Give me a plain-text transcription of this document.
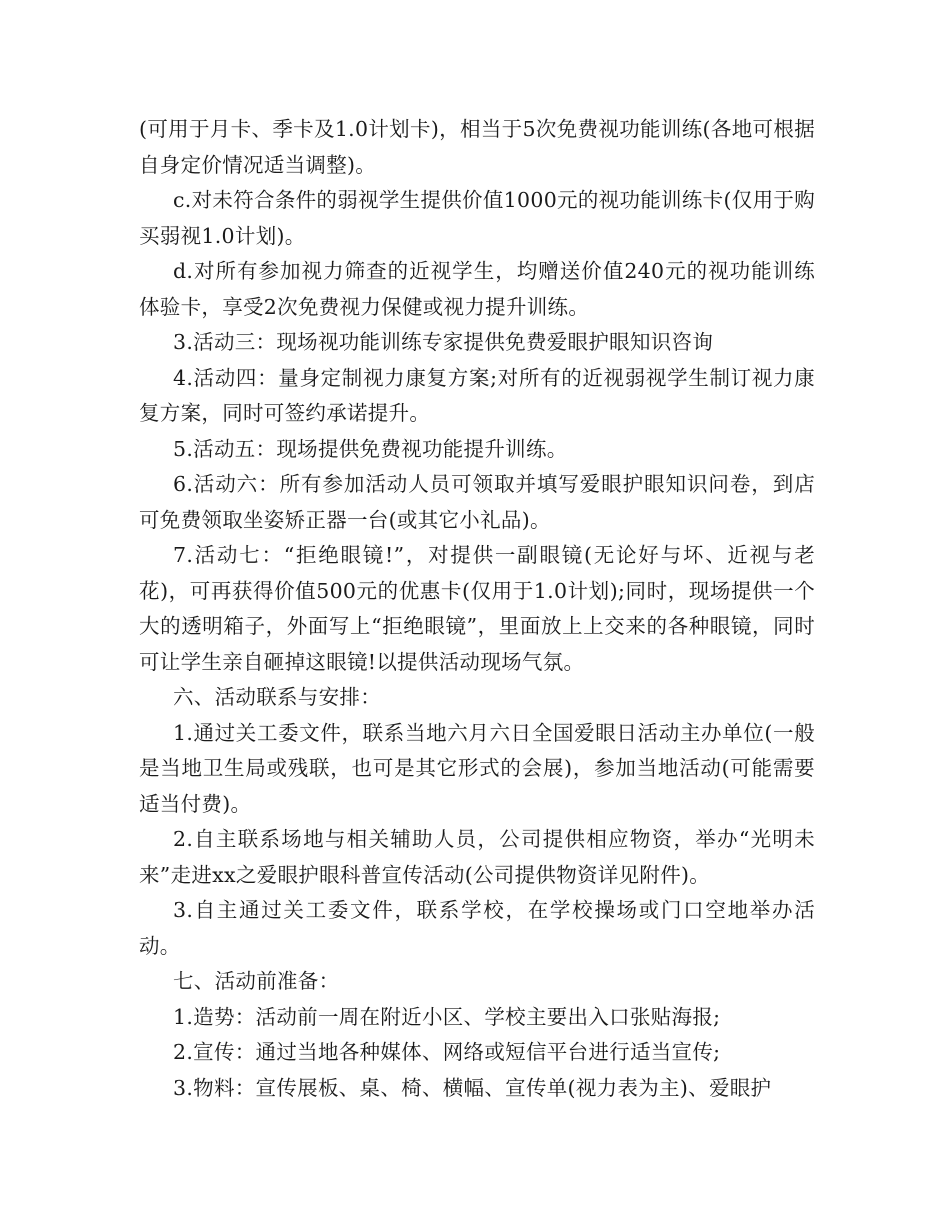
(可用于月卡、季卡及1.0计划卡)，相当于5次免费视功能训练(各地可根据自身定价情况适当调整)。

c.对未符合条件的弱视学生提供价值1000元的视功能训练卡(仅用于购买弱视1.0计划)。

d.对所有参加视力筛查的近视学生，均赠送价值240元的视功能训练体验卡，享受2次免费视力保健或视力提升训练。

3.活动三：现场视功能训练专家提供免费爱眼护眼知识咨询

4.活动四：量身定制视力康复方案;对所有的近视弱视学生制订视力康复方案，同时可签约承诺提升。

5.活动五：现场提供免费视功能提升训练。

6.活动六：所有参加活动人员可领取并填写爱眼护眼知识问卷，到店可免费领取坐姿矫正器一台(或其它小礼品)。

7.活动七：“拒绝眼镜!”，对提供一副眼镜(无论好与坏、近视与老花)，可再获得价值500元的优惠卡(仅用于1.0计划);同时，现场提供一个大的透明箱子，外面写上“拒绝眼镜”，里面放上上交来的各种眼镜，同时可让学生亲自砸掉这眼镜!以提供活动现场气氛。

六、活动联系与安排：

1.通过关工委文件，联系当地六月六日全国爱眼日活动主办单位(一般是当地卫生局或残联，也可是其它形式的会展)，参加当地活动(可能需要适当付费)。

2.自主联系场地与相关辅助人员，公司提供相应物资，举办“光明未来”走进xx之爱眼护眼科普宣传活动(公司提供物资详见附件)。

3.自主通过关工委文件，联系学校，在学校操场或门口空地举办活动。

七、活动前准备：

1.造势：活动前一周在附近小区、学校主要出入口张贴海报;

2.宣传：通过当地各种媒体、网络或短信平台进行适当宣传;

3.物料：宣传展板、桌、椅、横幅、宣传单(视力表为主)、爱眼护
